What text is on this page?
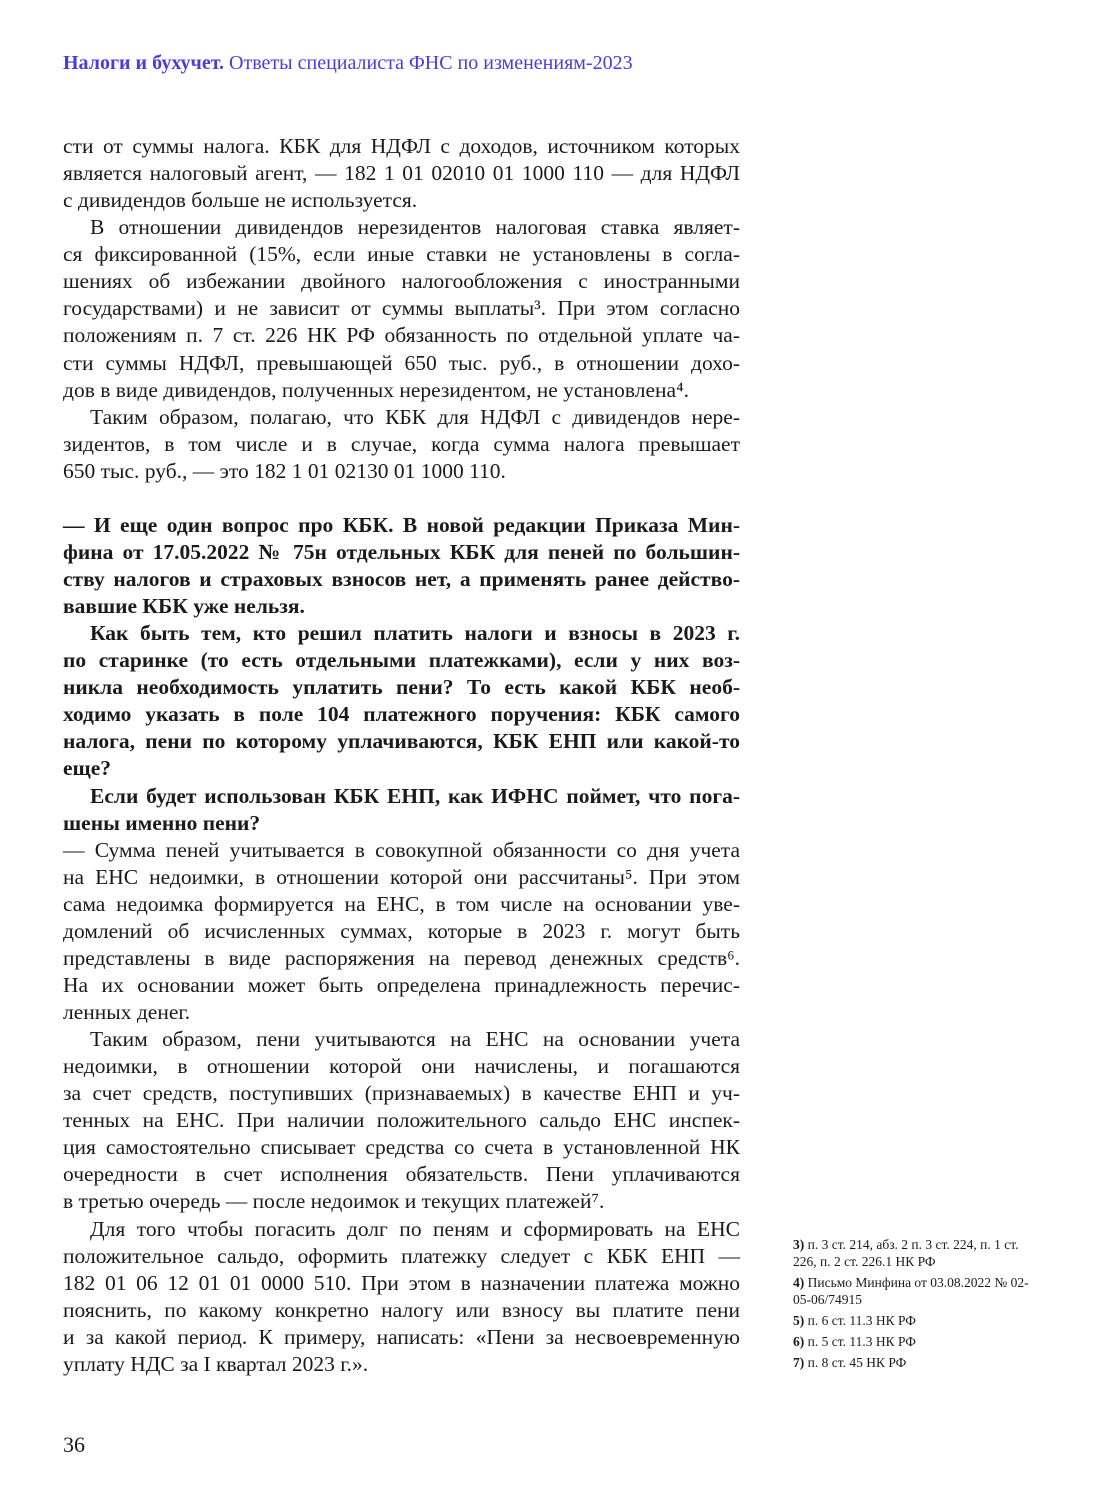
Налоги и бухучет. Ответы специалиста ФНС по изменениям-2023
сти от суммы налога. КБК для НДФЛ с доходов, источником которых
является налоговый агент, — 182 1 01 02010 01 1000 110 — для НДФЛ
с дивидендов больше не используется.
В отношении дивидендов нерезидентов налоговая ставка являет-
ся фиксированной (15%, если иные ставки не установлены в согла-
шениях об избежании двойного налогообложения с иностранными
государствами) и не зависит от суммы выплаты³. При этом согласно
положениям п. 7 ст. 226 НК РФ обязанность по отдельной уплате ча-
сти суммы НДФЛ, превышающей 650 тыс. руб., в отношении дохо-
дов в виде дивидендов, полученных нерезидентом, не установлена⁴.
Таким образом, полагаю, что КБК для НДФЛ с дивидендов нере-
зидентов, в том числе и в случае, когда сумма налога превышает
650 тыс. руб., — это 182 1 01 02130 01 1000 110.
— И еще один вопрос про КБК. В новой редакции Приказа Мин-
фина от 17.05.2022 № 75н отдельных КБК для пеней по большин-
ству налогов и страховых взносов нет, а применять ранее действо-
вавшие КБК уже нельзя.
Как быть тем, кто решил платить налоги и взносы в 2023 г.
по старинке (то есть отдельными платежками), если у них воз-
никла необходимость уплатить пени? То есть какой КБК необ-
ходимо указать в поле 104 платежного поручения: КБК самого
налога, пени по которому уплачиваются, КБК ЕНП или какой-то
еще?
Если будет использован КБК ЕНП, как ИФНС поймет, что пога-
шены именно пени?
— Сумма пеней учитывается в совокупной обязанности со дня учета
на ЕНС недоимки, в отношении которой они рассчитаны⁵. При этом
сама недоимка формируется на ЕНС, в том числе на основании уве-
домлений об исчисленных суммах, которые в 2023 г. могут быть
представлены в виде распоряжения на перевод денежных средств⁶.
На их основании может быть определена принадлежность перечис-
ленных денег.
Таким образом, пени учитываются на ЕНС на основании учета
недоимки, в отношении которой они начислены, и погашаются
за счет средств, поступивших (признаваемых) в качестве ЕНП и уч-
тенных на ЕНС. При наличии положительного сальдо ЕНС инспек-
ция самостоятельно списывает средства со счета в установленной НК
очередности в счет исполнения обязательств. Пени уплачиваются
в третью очередь — после недоимок и текущих платежей⁷.
Для того чтобы погасить долг по пеням и сформировать на ЕНС
положительное сальдо, оформить платежку следует с КБК ЕНП —
182 01 06 12 01 01 0000 510. При этом в назначении платежа можно
пояснить, по какому конкретно налогу или взносу вы платите пени
и за какой период. К примеру, написать: «Пени за несвоевременную
уплату НДС за I квартал 2023 г.».
3) п. 3 ст. 214, абз. 2 п. 3 ст. 224, п. 1 ст. 226, п. 2 ст. 226.1 НК РФ
4) Письмо Минфина от 03.08.2022 № 02-05-06/74915
5) п. 6 ст. 11.3 НК РФ
6) п. 5 ст. 11.3 НК РФ
7) п. 8 ст. 45 НК РФ
36
